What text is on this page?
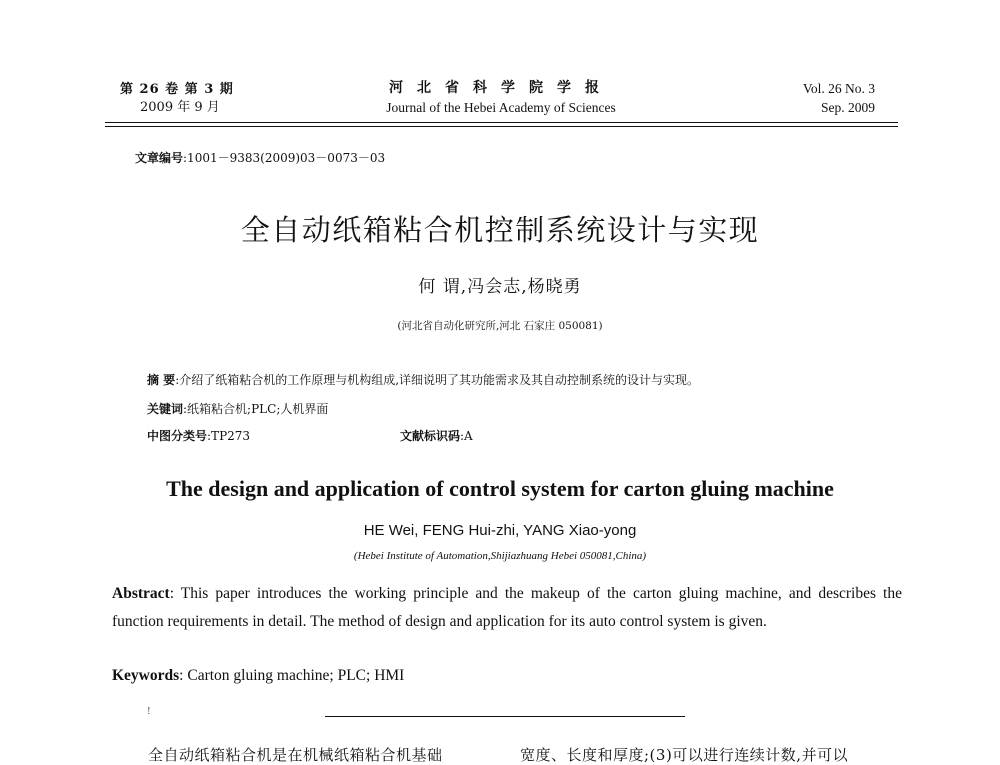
第 26 卷 第 3 期
2009 年 9 月
河北省科学院学报
Journal of the Hebei Academy of Sciences
Vol. 26 No. 3
Sep. 2009
文章编号:1001－9383(2009)03－0073－03
全自动纸箱粘合机控制系统设计与实现
何 谓,冯会志,杨晓勇
(河北省自动化研究所,河北 石家庄 050081)
摘 要:介绍了纸箱粘合机的工作原理与机构组成,详细说明了其功能需求及其自动控制系统的设计与实现。
关键词:纸箱粘合机;PLC;人机界面
中图分类号:TP273	文献标识码:A
The design and application of control system for carton gluing machine
HE Wei, FENG Hui-zhi, YANG Xiao-yong
(Hebei Institute of Automation,Shijiazhuang Hebei 050081,China)
Abstract: This paper introduces the working principle and the makeup of the carton gluing machine, and describes the function requirements in detail. The method of design and application for its auto control system is given.
Keywords: Carton gluing machine; PLC; HMI
!
全自动纸箱粘合机是在机械纸箱粘合机基础	宽度、长度和厚度;(3)可以进行连续计数,并可以
